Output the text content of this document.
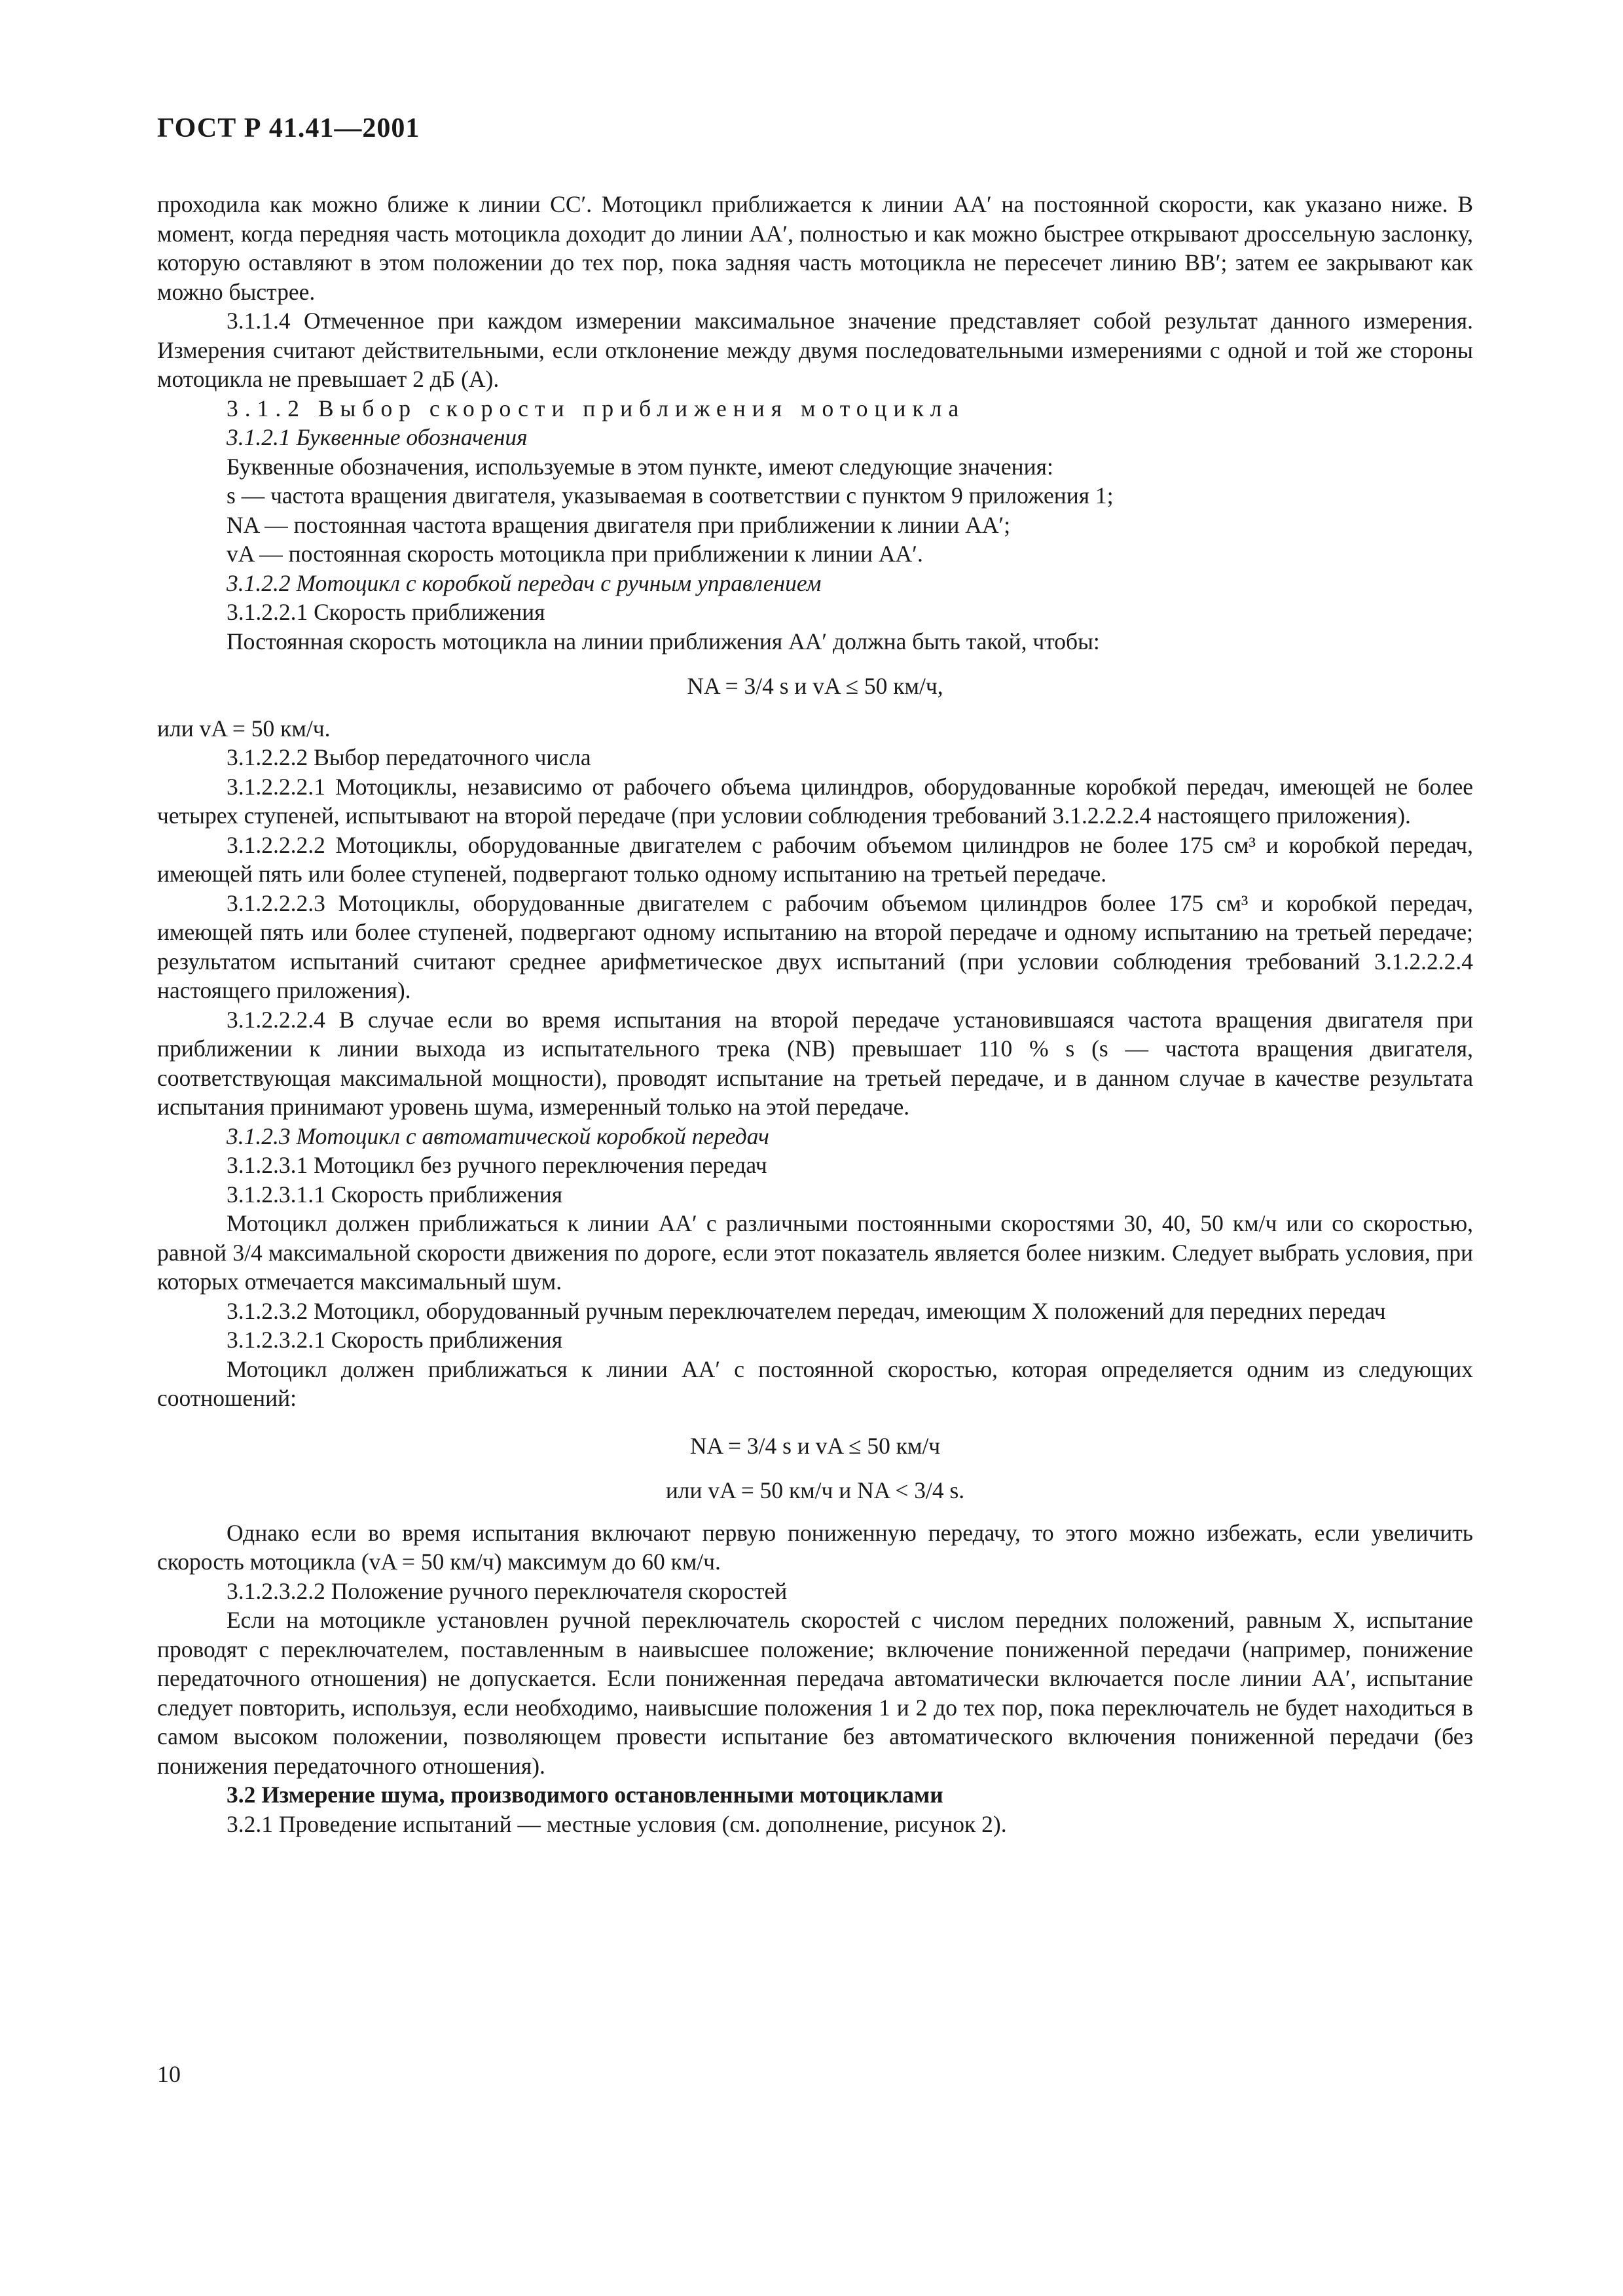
ГОСТ Р 41.41—2001

проходила как можно ближе к линии CC′. Мотоцикл приближается к линии AA′ на постоянной скорости, как указано ниже. В момент, когда передняя часть мотоцикла доходит до линии AA′, полностью и как можно быстрее открывают дроссельную заслонку, которую оставляют в этом положении до тех пор, пока задняя часть мотоцикла не пересечет линию BB′; затем ее закрывают как можно быстрее.

3.1.1.4 Отмеченное при каждом измерении максимальное значение представляет собой результат данного измерения. Измерения считают действительными, если отклонение между двумя последовательными измерениями с одной и той же стороны мотоцикла не превышает 2 дБ (А).

3.1.2 Выбор скорости приближения мотоцикла

3.1.2.1 Буквенные обозначения

Буквенные обозначения, используемые в этом пункте, имеют следующие значения:

s — частота вращения двигателя, указываемая в соответствии с пунктом 9 приложения 1;

NA — постоянная частота вращения двигателя при приближении к линии AA′;

vA — постоянная скорость мотоцикла при приближении к линии AA′.

3.1.2.2 Мотоцикл с коробкой передач с ручным управлением

3.1.2.2.1 Скорость приближения

Постоянная скорость мотоцикла на линии приближения AA′ должна быть такой, чтобы:

NA = 3/4 s и vA ≤ 50 км/ч,

или vA = 50 км/ч.

3.1.2.2.2 Выбор передаточного числа

3.1.2.2.2.1 Мотоциклы, независимо от рабочего объема цилиндров, оборудованные коробкой передач, имеющей не более четырех ступеней, испытывают на второй передаче (при условии соблюдения требований 3.1.2.2.2.4 настоящего приложения).

3.1.2.2.2.2 Мотоциклы, оборудованные двигателем с рабочим объемом цилиндров не более 175 см³ и коробкой передач, имеющей пять или более ступеней, подвергают только одному испытанию на третьей передаче.

3.1.2.2.2.3 Мотоциклы, оборудованные двигателем с рабочим объемом цилиндров более 175 см³ и коробкой передач, имеющей пять или более ступеней, подвергают одному испытанию на второй передаче и одному испытанию на третьей передаче; результатом испытаний считают среднее арифметическое двух испытаний (при условии соблюдения требований 3.1.2.2.2.4 настоящего приложения).

3.1.2.2.2.4 В случае если во время испытания на второй передаче установившаяся частота вращения двигателя при приближении к линии выхода из испытательного трека (NB) превышает 110 % s (s — частота вращения двигателя, соответствующая максимальной мощности), проводят испытание на третьей передаче, и в данном случае в качестве результата испытания принимают уровень шума, измеренный только на этой передаче.

3.1.2.3 Мотоцикл с автоматической коробкой передач

3.1.2.3.1 Мотоцикл без ручного переключения передач

3.1.2.3.1.1 Скорость приближения

Мотоцикл должен приближаться к линии AA′ с различными постоянными скоростями 30, 40, 50 км/ч или со скоростью, равной 3/4 максимальной скорости движения по дороге, если этот показатель является более низким. Следует выбрать условия, при которых отмечается максимальный шум.

3.1.2.3.2 Мотоцикл, оборудованный ручным переключателем передач, имеющим X положений для передних передач

3.1.2.3.2.1 Скорость приближения

Мотоцикл должен приближаться к линии AA′ с постоянной скоростью, которая определяется одним из следующих соотношений:

NA = 3/4 s и vA ≤ 50 км/ч

или vA = 50 км/ч и NA < 3/4 s.

Однако если во время испытания включают первую пониженную передачу, то этого можно избежать, если увеличить скорость мотоцикла (vA = 50 км/ч) максимум до 60 км/ч.

3.1.2.3.2.2 Положение ручного переключателя скоростей

Если на мотоцикле установлен ручной переключатель скоростей с числом передних положений, равным X, испытание проводят с переключателем, поставленным в наивысшее положение; включение пониженной передачи (например, понижение передаточного отношения) не допускается. Если пониженная передача автоматически включается после линии AA′, испытание следует повторить, используя, если необходимо, наивысшие положения 1 и 2 до тех пор, пока переключатель не будет находиться в самом высоком положении, позволяющем провести испытание без автоматического включения пониженной передачи (без понижения передаточного отношения).

3.2 Измерение шума, производимого остановленными мотоциклами

3.2.1 Проведение испытаний — местные условия (см. дополнение, рисунок 2).

10
